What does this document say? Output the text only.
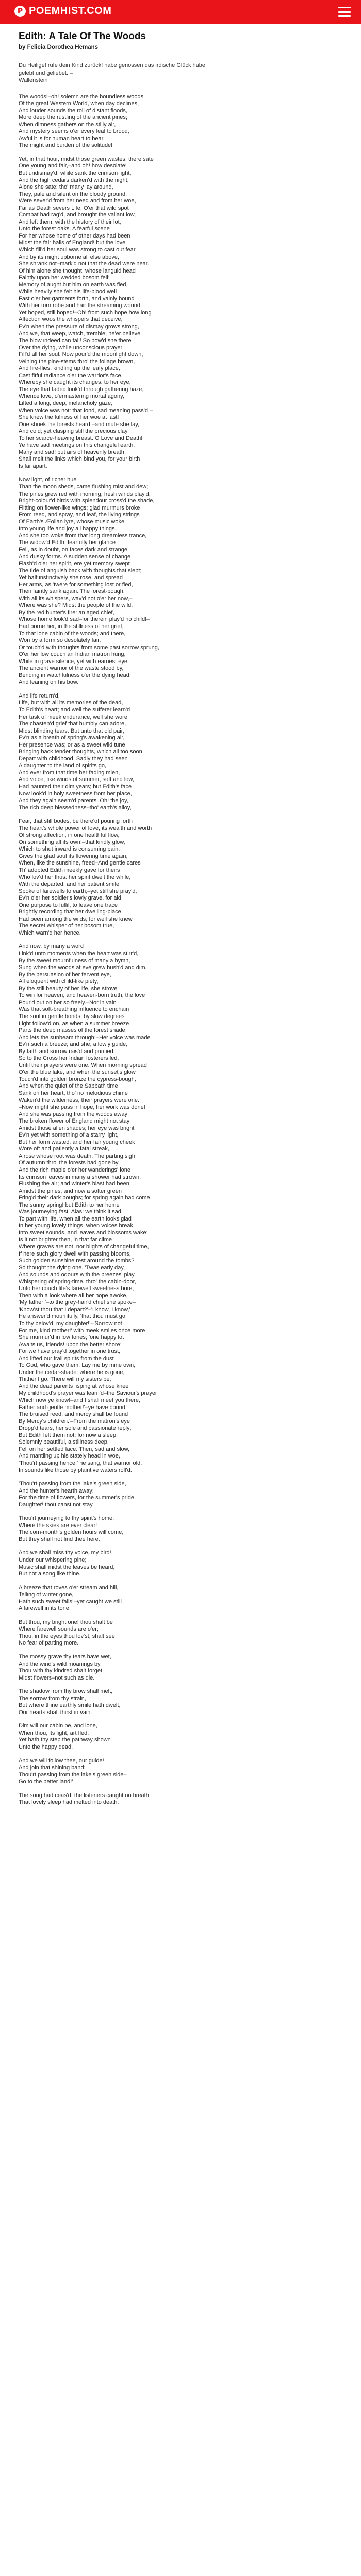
P POEMHIST.COM
Edith: A Tale Of The Woods
by Felicia Dorothea Hemans
Du Heilige! rufe dein Kind zurück! habe genossen das irdische Glück habe
gelebt und geliebet. –
Wallenstein
The woods!–oh! solemn are the boundless woods
Of the great Western World, when day declines,
And louder sounds the roll of distant floods,
More deep the rustling of the ancient pines;
When dimness gathers on the stilly air,
And mystery seems o'er every leaf to brood,
Awful it is for human heart to bear
The might and burden of the solitude!
Yet, in that hour, midst those green wastes, there sate
One young and fair,–and oh! how desolate!
But undismay'd; while sank the crimson light,
And the high cedars darken'd with the night,
Alone she sate; tho' many lay around,
They, pale and silent on the bloody ground,
Were sever'd from her need and from her woe,
Far as Death severs Life. O'er that wild spot
Combat had rag'd, and brought the valiant low,
And left them, with the history of their lot,
Unto the forest oaks. A fearful scene
For her whose home of other days had been
Midst the fair halls of England! but the love
Which fill'd her soul was strong to cast out fear,
And by its might upborne all else above,
She shrank not–mark'd not that the dead were near.
Of him alone she thought, whose languid head
Faintly upon her wedded bosom fell;
Memory of aught but him on earth was fled,
While heavily she felt his life-blood well
Fast o'er her garments forth, and vainly bound
With her torn robe and hair the streaming wound,
Yet hoped, still hoped!–Oh! from such hope how long
Affection woos the whispers that deceive,
Ev'n when the pressure of dismay grows strong,
And we, that weep, watch, tremble, ne'er believe
The blow indeed can fall! So bow'd she there
Over the dying, while unconscious prayer
Fill'd all her soul. Now pour'd the moonlight down,
Veining the pine-stems thro' the foliage brown,
And fire-flies, kindling up the leafy place,
Cast fitful radiance o'er the warrior's face,
Whereby she caught its changes: to her eye,
The eye that faded look'd through gathering haze,
Whence love, o'ermastering mortal agony,
Lifted a long, deep, melancholy gaze,
When voice was not: that fond, sad meaning pass'd!–
She knew the fulness of her woe at last!
One shriek the forests heard,–and mute she lay,
And cold; yet clasping still the precious clay
To her scarce-heaving breast. O Love and Death!
Ye have sad meetings on this changeful earth,
Many and sad! but airs of heavenly breath
Shall melt the links which bind you, for your birth
Is far apart.
Now light, of richer hue
Than the moon sheds, came flushing mist and dew;
The pines grew red with morning; fresh winds play'd,
Bright-colour'd birds with splendour cross'd the shade,
Flitting on flower-like wings; glad murmurs broke
From reed, and spray, and leaf, the living strings
Of Earth's Æolian lyre, whose music woke
Into young life and joy all happy things.
And she too woke from that long dreamless trance,
The widow'd Edith: fearfully her glance
Fell, as in doubt, on faces dark and strange,
And dusky forms. A sudden sense of change
Flash'd o'er her spirit, ere yet memory swept
The tide of anguish back with thoughts that slept;
Yet half instinctively she rose, and spread
Her arms, as 'twere for something lost or fled,
Then faintly sank again. The forest-bough,
With all its whispers, wav'd not o'er her now,–
Where was she? Midst the people of the wild,
By the red hunter's fire: an aged chief,
Whose home look'd sad–for therein play'd no child!–
Had borne her, in the stillness of her grief,
To that lone cabin of the woods; and there,
Won by a form so desolately fair,
Or touch'd with thoughts from some past sorrow sprung,
O'er her low couch an Indian matron hung,
While in grave silence, yet with earnest eye,
The ancient warrior of the waste stood by,
Bending in watchfulness o'er the dying head,
And leaning on his bow.
And life return'd,
Life, but with all its memories of the dead,
To Edith's heart; and well the sufferer learn'd
Her task of meek endurance, well she wore
The chasten'd grief that humbly can adore,
Midst blinding tears. But unto that old pair,
Ev'n as a breath of spring's awakening air,
Her presence was; or as a sweet wild tune
Bringing back tender thoughts, which all too soon
Depart with childhood. Sadly they had seen
A daughter to the land of spirits go,
And ever from that time her fading mien,
And voice, like winds of summer, soft and low,
Had haunted their dim years; but Edith's face
Now look'd in holy sweetness from her place,
And they again seem'd parents. Oh! the joy,
The rich deep blessedness–tho' earth's alloy,
Fear, that still bodes, be there'of pouring forth
The heart's whole power of love, its wealth and worth
Of strong affection, in one healthful flow,
On something all its own!–that kindly glow,
Which to shut inward is consuming pain,
Gives the glad soul its flowering time again,
When, like the sunshine, freed–And gentle cares
Th' adopted Edith meekly gave for theirs
Who lov'd her thus: her spirit dwelt the while,
With the departed, and her patient smile
Spoke of farewells to earth;–yet still she pray'd,
Ev'n o'er her soldier's lowly grave, for aid
One purpose to fulfil, to leave one trace
Brightly recording that her dwelling-place
Had been among the wilds; for well she knew
The secret whisper of her bosom true,
Which warn'd her hence.
And now, by many a word
Link'd unto moments when the heart was stirr'd,
By the sweet mournfulness of many a hymn,
Sung when the woods at eve grew hush'd and dim,
By the persuasion of her fervent eye,
All eloquent with child-like piety,
By the still beauty of her life, she strove
To win for heaven, and heaven-born truth, the love
Pour'd out on her so freely.–Nor in vain
Was that soft-breathing influence to enchain
The soul in gentle bonds: by slow degrees
Light follow'd on, as when a summer breeze
Parts the deep masses of the forest shade
And lets the sunbeam through:–Her voice was made
Ev'n such a breeze; and she, a lowly guide,
By faith and sorrow rais'd and purified,
So to the Cross her Indian fosterers led,
Until their prayers were one. When morning spread
O'er the blue lake, and when the sunset's glow
Touch'd into golden bronze the cypress-bough,
And when the quiet of the Sabbath time
Sank on her heart, tho' no melodious chime
Waken'd the wilderness, their prayers were one.
–Now might she pass in hope, her work was done!
And she was passing from the woods away;
The broken flower of England might not stay
Amidst those alien shades; her eye was bright
Ev'n yet with something of a starry light,
But her form wasted, and her fair young cheek
Wore oft and patiently a fatal streak,
A rose whose root was death. The parting sigh
Of autumn thro' the forests had gone by,
And the rich maple o'er her wanderings' lone
Its crimson leaves in many a shower had strown,
Flushing the air; and winter's blast had been
Amidst the pines; and now a softer green
Fring'd their dark boughs; for spring again had come,
The sunny spring! but Edith to her home
Was journeying fast. Alas! we think it sad
To part with life, when all the earth looks glad
In her young lovely things, when voices break
Into sweet sounds, and leaves and blossoms wake:
Is it not brighter then, in that far clime
Where graves are not, nor blights of changeful time,
If here such glory dwell with passing blooms,
Such golden sunshine rest around the tombs?
So thought the dying one. 'Twas early day,
And sounds and odours with the breezes' play,
Whispering of spring-time, thro' the cabin-door,
Unto her couch life's farewell sweetness bore;
Then with a look where all her hope awoke,
'My father!'–to the grey-hair'd chief she spoke–
'Know'st thou that I depart?'–'I know, I know,'
He answer'd mournfully, 'that thou must go
To thy belov'd, my daughter!'–'Sorrow not
For me, kind mother!' with meek smiles once more
She murmur'd in low tones; 'one happy lot
Awaits us, friends! upon the better shore;
For we have pray'd together in one trust,
And lifted our frail spirits from the dust
To God, who gave them. Lay me by mine own,
Under the cedar-shade: where he is gone,
Thither I go. There will my sisters be,
And the dead parents lisping at whose knee
My childhood's prayer was learn'd–the Saviour's prayer
Which now ye know!–and I shall meet you there,
Father and gentle mother!'–ye have bound
The bruised reed, and mercy shall be found
By Mercy's children.'–From the matron's eye
Dropp'd tears, her sole and passionate reply;
But Edith felt them not; for now a sleep,
Solemnly beautiful, a stillness deep,
Fell on her settled face. Then, sad and slow,
And mantling up his stately head in woe,
'Thou'rt passing hence,' he sang, that warrior old,
In sounds like those by plaintive waters roll'd.
'Thou'rt passing from the lake's green side,
And the hunter's hearth away;
For the time of flowers, for the summer's pride,
Daughter! thou canst not stay.
Thou'rt journeying to thy spirit's home,
Where the skies are ever clear!
The corn-month's golden hours will come,
But they shall not find thee here.
And we shall miss thy voice, my bird!
Under our whispering pine;
Music shall midst the leaves be heard,
But not a song like thine.
A breeze that roves o'er stream and hill,
Telling of winter gone,
Hath such sweet falls!–yet caught we still
A farewell in its tone.
But thou, my bright one! thou shalt be
Where farewell sounds are o'er;
Thou, in the eyes thou lov'st, shalt see
No fear of parting more.
The mossy grave thy tears have wet,
And the wind's wild moanings by,
Thou with thy kindred shalt forget,
Midst flowers–not such as die.
The shadow from thy brow shall melt,
The sorrow from thy strain,
But where thine earthly smile hath dwelt,
Our hearts shall thirst in vain.
Dim will our cabin be, and lone,
When thou, its light, art fled;
Yet hath thy step the pathway shown
Unto the happy dead.
And we will follow thee, our guide!
And join that shining band;
Thou'rt passing from the lake's green side–
Go to the better land!'
The song had ceas'd, the listeners caught no breath,
That lovely sleep had melted into death.
